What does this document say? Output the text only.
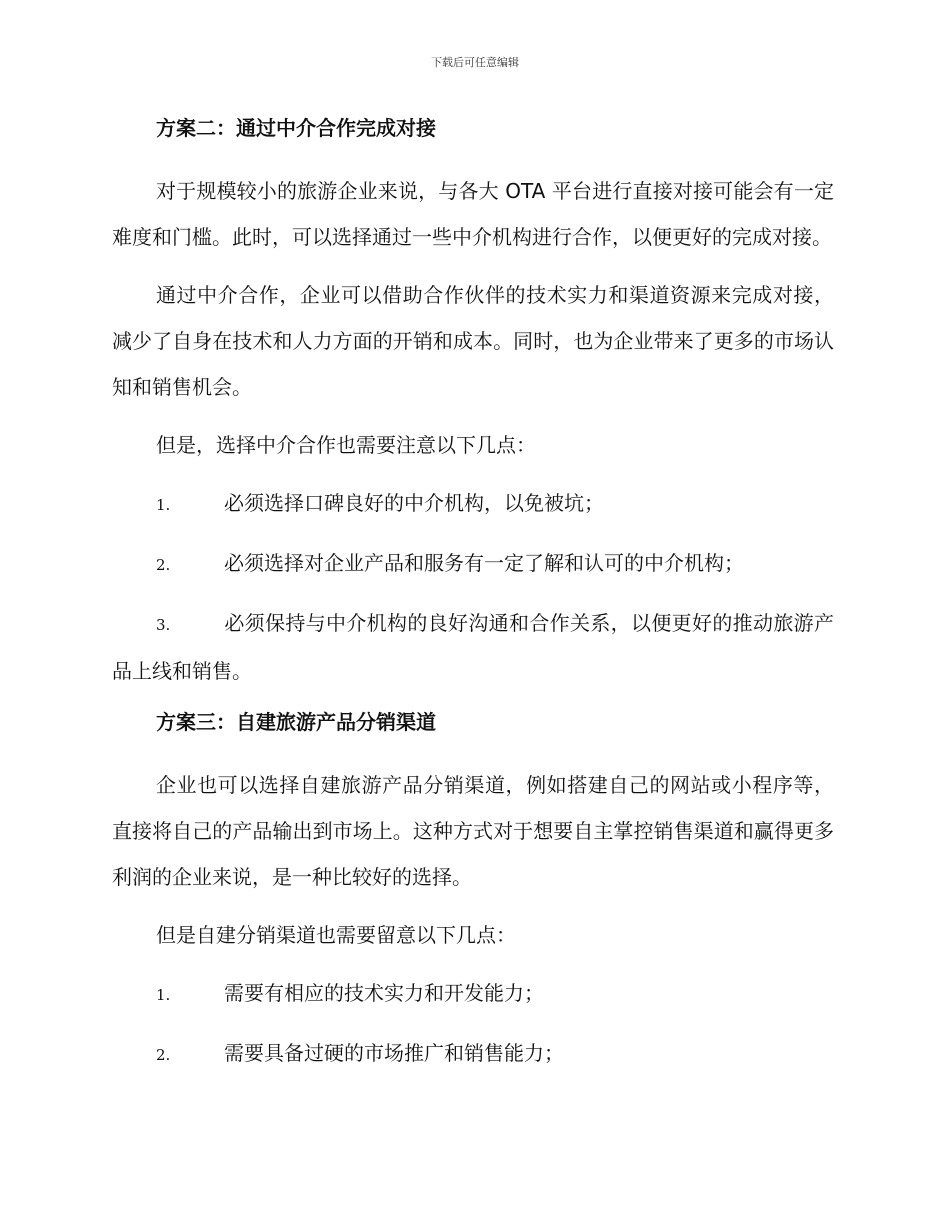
下载后可任意编辑
方案二：通过中介合作完成对接
对于规模较小的旅游企业来说，与各大 OTA 平台进行直接对接可能会有一定难度和门槛。此时，可以选择通过一些中介机构进行合作，以便更好的完成对接。
通过中介合作，企业可以借助合作伙伴的技术实力和渠道资源来完成对接，减少了自身在技术和人力方面的开销和成本。同时，也为企业带来了更多的市场认知和销售机会。
但是，选择中介合作也需要注意以下几点：
1.	必须选择口碑良好的中介机构，以免被坑；
2.	必须选择对企业产品和服务有一定了解和认可的中介机构；
3.	必须保持与中介机构的良好沟通和合作关系，以便更好的推动旅游产品上线和销售。
方案三：自建旅游产品分销渠道
企业也可以选择自建旅游产品分销渠道，例如搭建自己的网站或小程序等，直接将自己的产品输出到市场上。这种方式对于想要自主掌控销售渠道和赢得更多利润的企业来说，是一种比较好的选择。
但是自建分销渠道也需要留意以下几点：
1.	需要有相应的技术实力和开发能力；
2.	需要具备过硬的市场推广和销售能力；
